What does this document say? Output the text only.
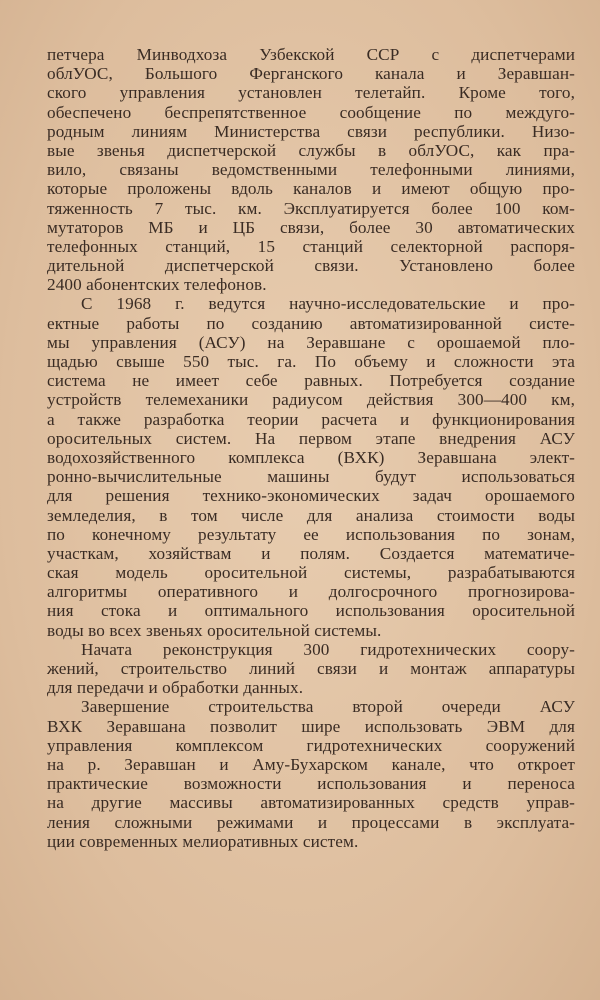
петчера Минводхоза Узбекской ССР с диспетчерами
облУОС, Большого Ферганского канала и Зеравшан-
ского управления установлен телетайп. Кроме того,
обеспечено беспрепятственное сообщение по междуго-
родным линиям Министерства связи республики. Низо-
вые звенья диспетчерской службы в облУОС, как пра-
вило, связаны ведомственными телефонными линиями,
которые проложены вдоль каналов и имеют общую про-
тяженность 7 тыс. км. Эксплуатируется более 100 ком-
мутаторов МБ и ЦБ связи, более 30 автоматических
телефонных станций, 15 станций селекторной распоря-
дительной диспетчерской связи. Установлено более
2400 абонентских телефонов.
С 1968 г. ведутся научно-исследовательские и про-
ектные работы по созданию автоматизированной систе-
мы управления (АСУ) на Зеравшане с орошаемой пло-
щадью свыше 550 тыс. га. По объему и сложности эта
система не имеет себе равных. Потребуется создание
устройств телемеханики радиусом действия 300—400 км,
а также разработка теории расчета и функционирования
оросительных систем. На первом этапе внедрения АСУ
водохозяйственного комплекса (ВХК) Зеравшана элект-
ронно-вычислительные машины будут использоваться
для решения технико-экономических задач орошаемого
земледелия, в том числе для анализа стоимости воды
по конечному результату ее использования по зонам,
участкам, хозяйствам и полям. Создается математиче-
ская модель оросительной системы, разрабатываются
алгоритмы оперативного и долгосрочного прогнозирова-
ния стока и оптимального использования оросительной
воды во всех звеньях оросительной системы.
Начата реконструкция 300 гидротехнических соору-
жений, строительство линий связи и монтаж аппаратуры
для передачи и обработки данных.
Завершение строительства второй очереди АСУ
ВХК Зеравшана позволит шире использовать ЭВМ для
управления комплексом гидротехнических сооружений
на р. Зеравшан и Аму-Бухарском канале, что откроет
практические возможности использования и переноса
на другие массивы автоматизированных средств управ-
ления сложными режимами и процессами в эксплуата-
ции современных мелиоративных систем.
